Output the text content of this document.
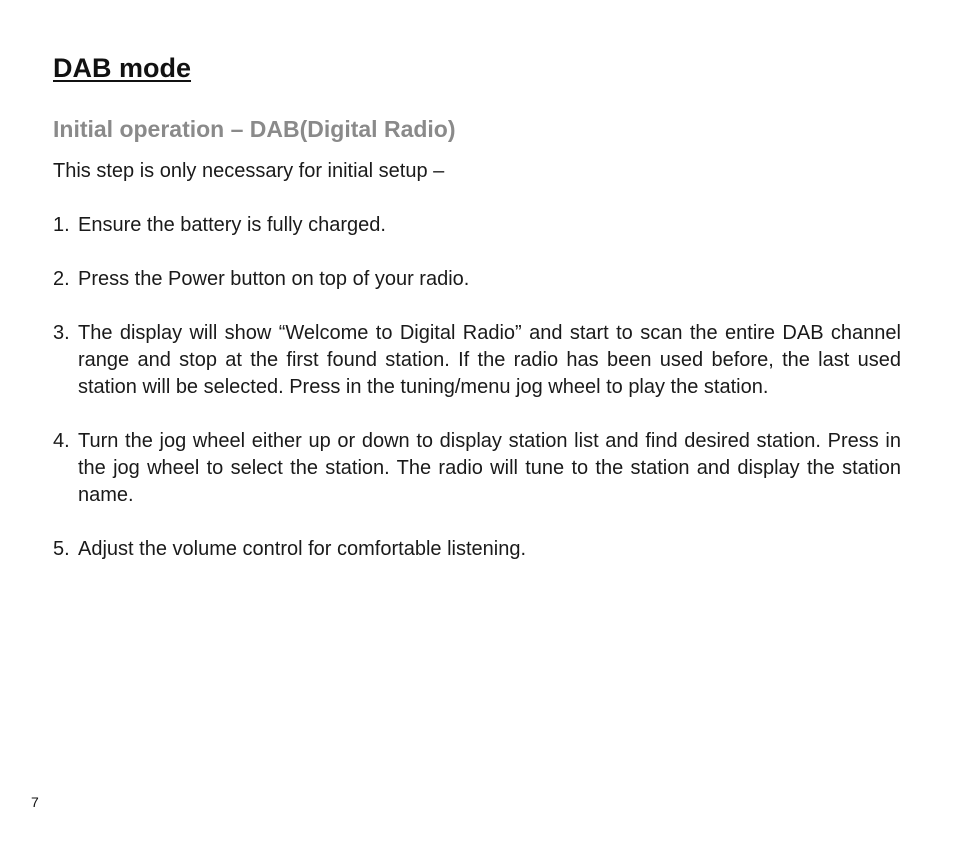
DAB mode
Initial operation – DAB(Digital Radio)

This step is only necessary for initial setup –

1. Ensure the battery is fully charged.
2. Press the Power button on top of your radio.
3. The display will show “Welcome to Digital Radio” and start to scan the entire DAB channel range and stop at the first found station. If the radio has been used before, the last used station will be selected. Press in the tuning/menu jog wheel to play the station.
4. Turn the jog wheel either up or down to display station list and find desired station. Press in the jog wheel to select the station. The radio will tune to the station and display the station name.
5. Adjust the volume control for comfortable listening.
7
